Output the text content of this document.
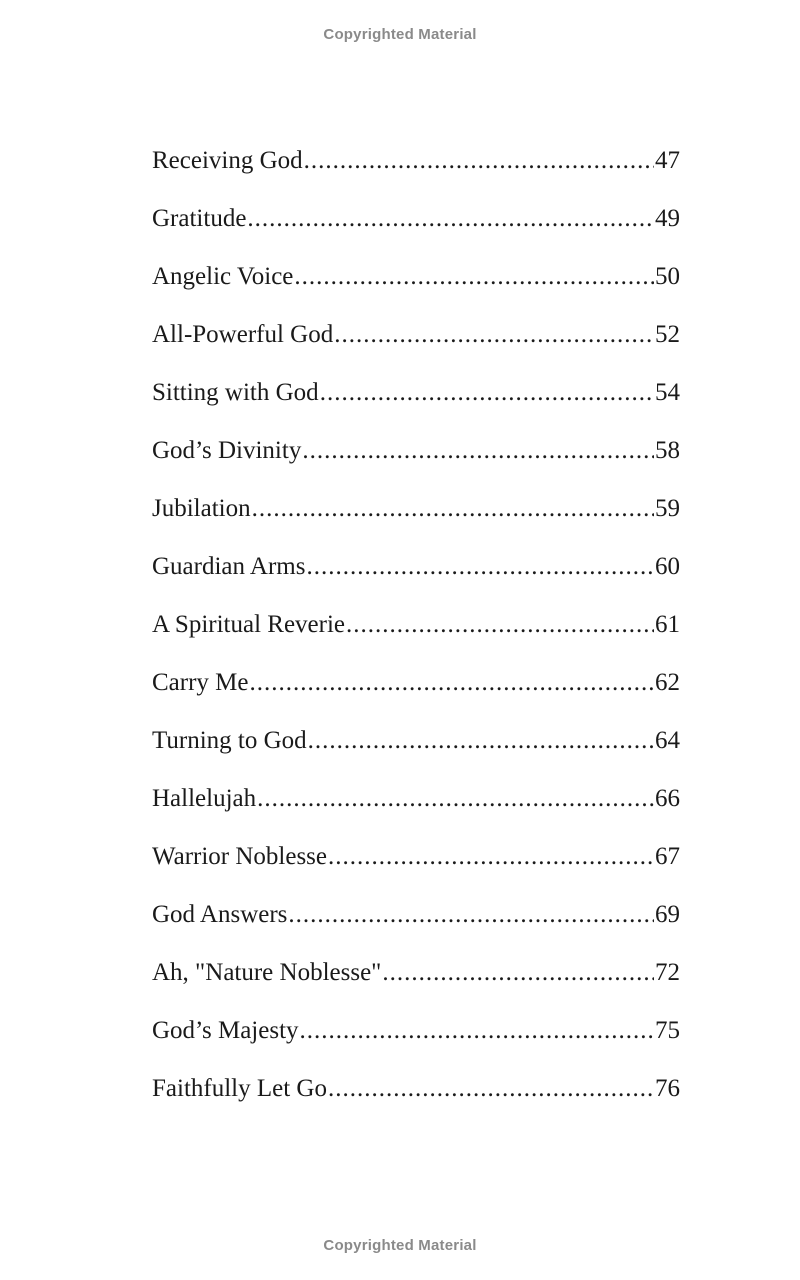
Copyrighted Material
Receiving God .....	47
Gratitude .....	49
Angelic Voice .....	50
All-Powerful God .....	52
Sitting with God .....	54
God’s Divinity .....	58
Jubilation .....	59
Guardian Arms .....	60
A Spiritual Reverie .....	61
Carry Me .....	62
Turning to God .....	64
Hallelujah .....	66
Warrior Noblesse .....	67
God Answers .....	69
Ah, "Nature Noblesse" .....	72
God’s Majesty .....	75
Faithfully Let Go .....	76
Copyrighted Material
